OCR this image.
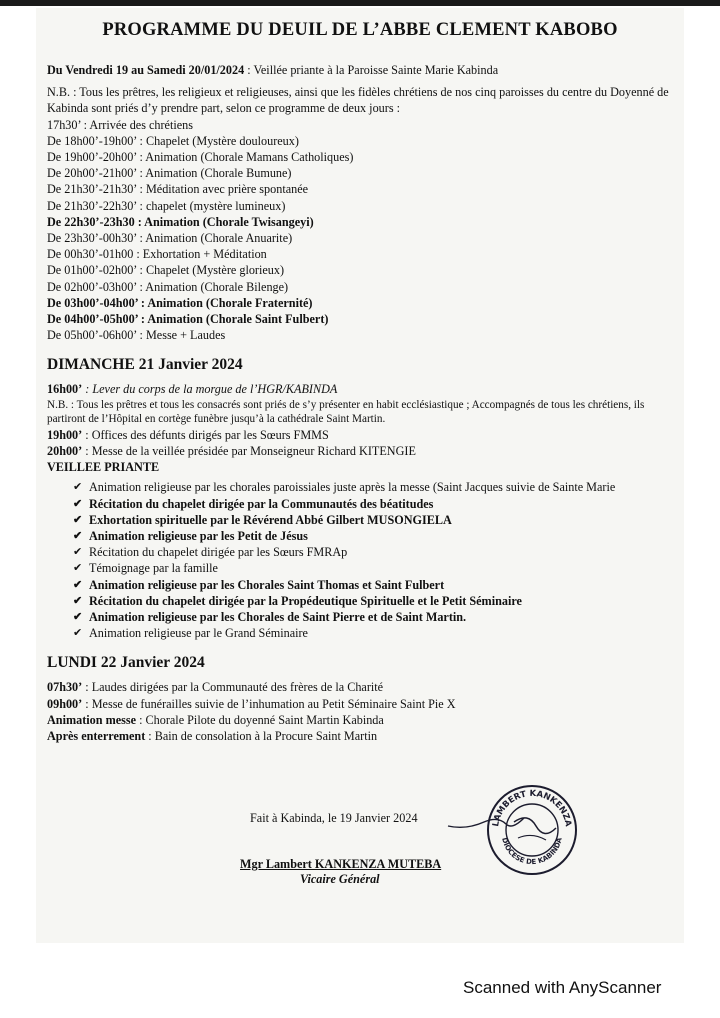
PROGRAMME DU DEUIL DE L’ABBE CLEMENT KABOBO

Du Vendredi 19 au Samedi 20/01/2024 : Veillée priante à la Paroisse Sainte Marie Kabinda

N.B. : Tous les prêtres, les religieux et religieuses, ainsi que les fidèles chrétiens de nos cinq paroisses du centre du Doyenné de Kabinda sont priés d’y prendre part, selon ce programme de deux jours :

17h30’ : Arrivée des chrétiens

De 18h00’-19h00’ : Chapelet (Mystère douloureux)

De 19h00’-20h00’ : Animation (Chorale Mamans Catholiques)

De 20h00’-21h00’ : Animation (Chorale Bumune)

De 21h30’-21h30’ : Méditation avec prière spontanée

De 21h30’-22h30’ : chapelet (mystère lumineux)

De 22h30’-23h30 : Animation (Chorale Twisangeyi)

De 23h30’-00h30’ : Animation (Chorale Anuarite)

De 00h30’-01h00 : Exhortation + Méditation

De 01h00’-02h00’ : Chapelet (Mystère glorieux)

De 02h00’-03h00’ : Animation (Chorale Bilenge)

De 03h00’-04h00’ : Animation (Chorale Fraternité)

De 04h00’-05h00’ : Animation (Chorale Saint Fulbert)

De 05h00’-06h00’ : Messe + Laudes

DIMANCHE 21 Janvier 2024

16h00’ : Lever du corps de la morgue de l’HGR/KABINDA

N.B. : Tous les prêtres et tous les consacrés sont priés de s’y présenter en habit ecclésiastique ; Accompagnés de tous les chrétiens, ils partiront de l’Hôpital en cortège funèbre jusqu’à la cathédrale Saint Martin.

19h00’ : Offices des défunts dirigés par les Sœurs FMMS

20h00’ : Messe de la veillée présidée par Monseigneur Richard KITENGIE

VEILLEE PRIANTE

✔ Animation religieuse par les chorales paroissiales juste après la messe (Saint Jacques suivie de Sainte Marie
✔ Récitation du chapelet dirigée par la Communautés des béatitudes
✔ Exhortation spirituelle par le Révérend Abbé Gilbert MUSONGIELA
✔ Animation religieuse par les Petit de Jésus
✔ Récitation du chapelet dirigée par les Sœurs FMRAp
✔ Témoignage par la famille
✔ Animation religieuse par les Chorales Saint Thomas et Saint Fulbert
✔ Récitation du chapelet dirigée par la Propédeutique Spirituelle et le Petit Séminaire
✔ Animation religieuse par les Chorales de Saint Pierre et de Saint Martin.
✔ Animation religieuse par le Grand Séminaire

LUNDI 22 Janvier 2024

07h30’ : Laudes dirigées par la Communauté des frères de la Charité

09h00’ : Messe de funérailles suivie de l’inhumation au Petit Séminaire Saint Pie X

Animation messe : Chorale Pilote du doyenné Saint Martin Kabinda

Après enterrement : Bain de consolation à la Procure Saint Martin

Fait à Kabinda, le 19 Janvier 2024	LAMBERT KANKENZA
DIOCESE DE KABINDA
Mgr Lambert KANKENZA MUTEBA
Vicaire Général
Scanned with AnyScanner
